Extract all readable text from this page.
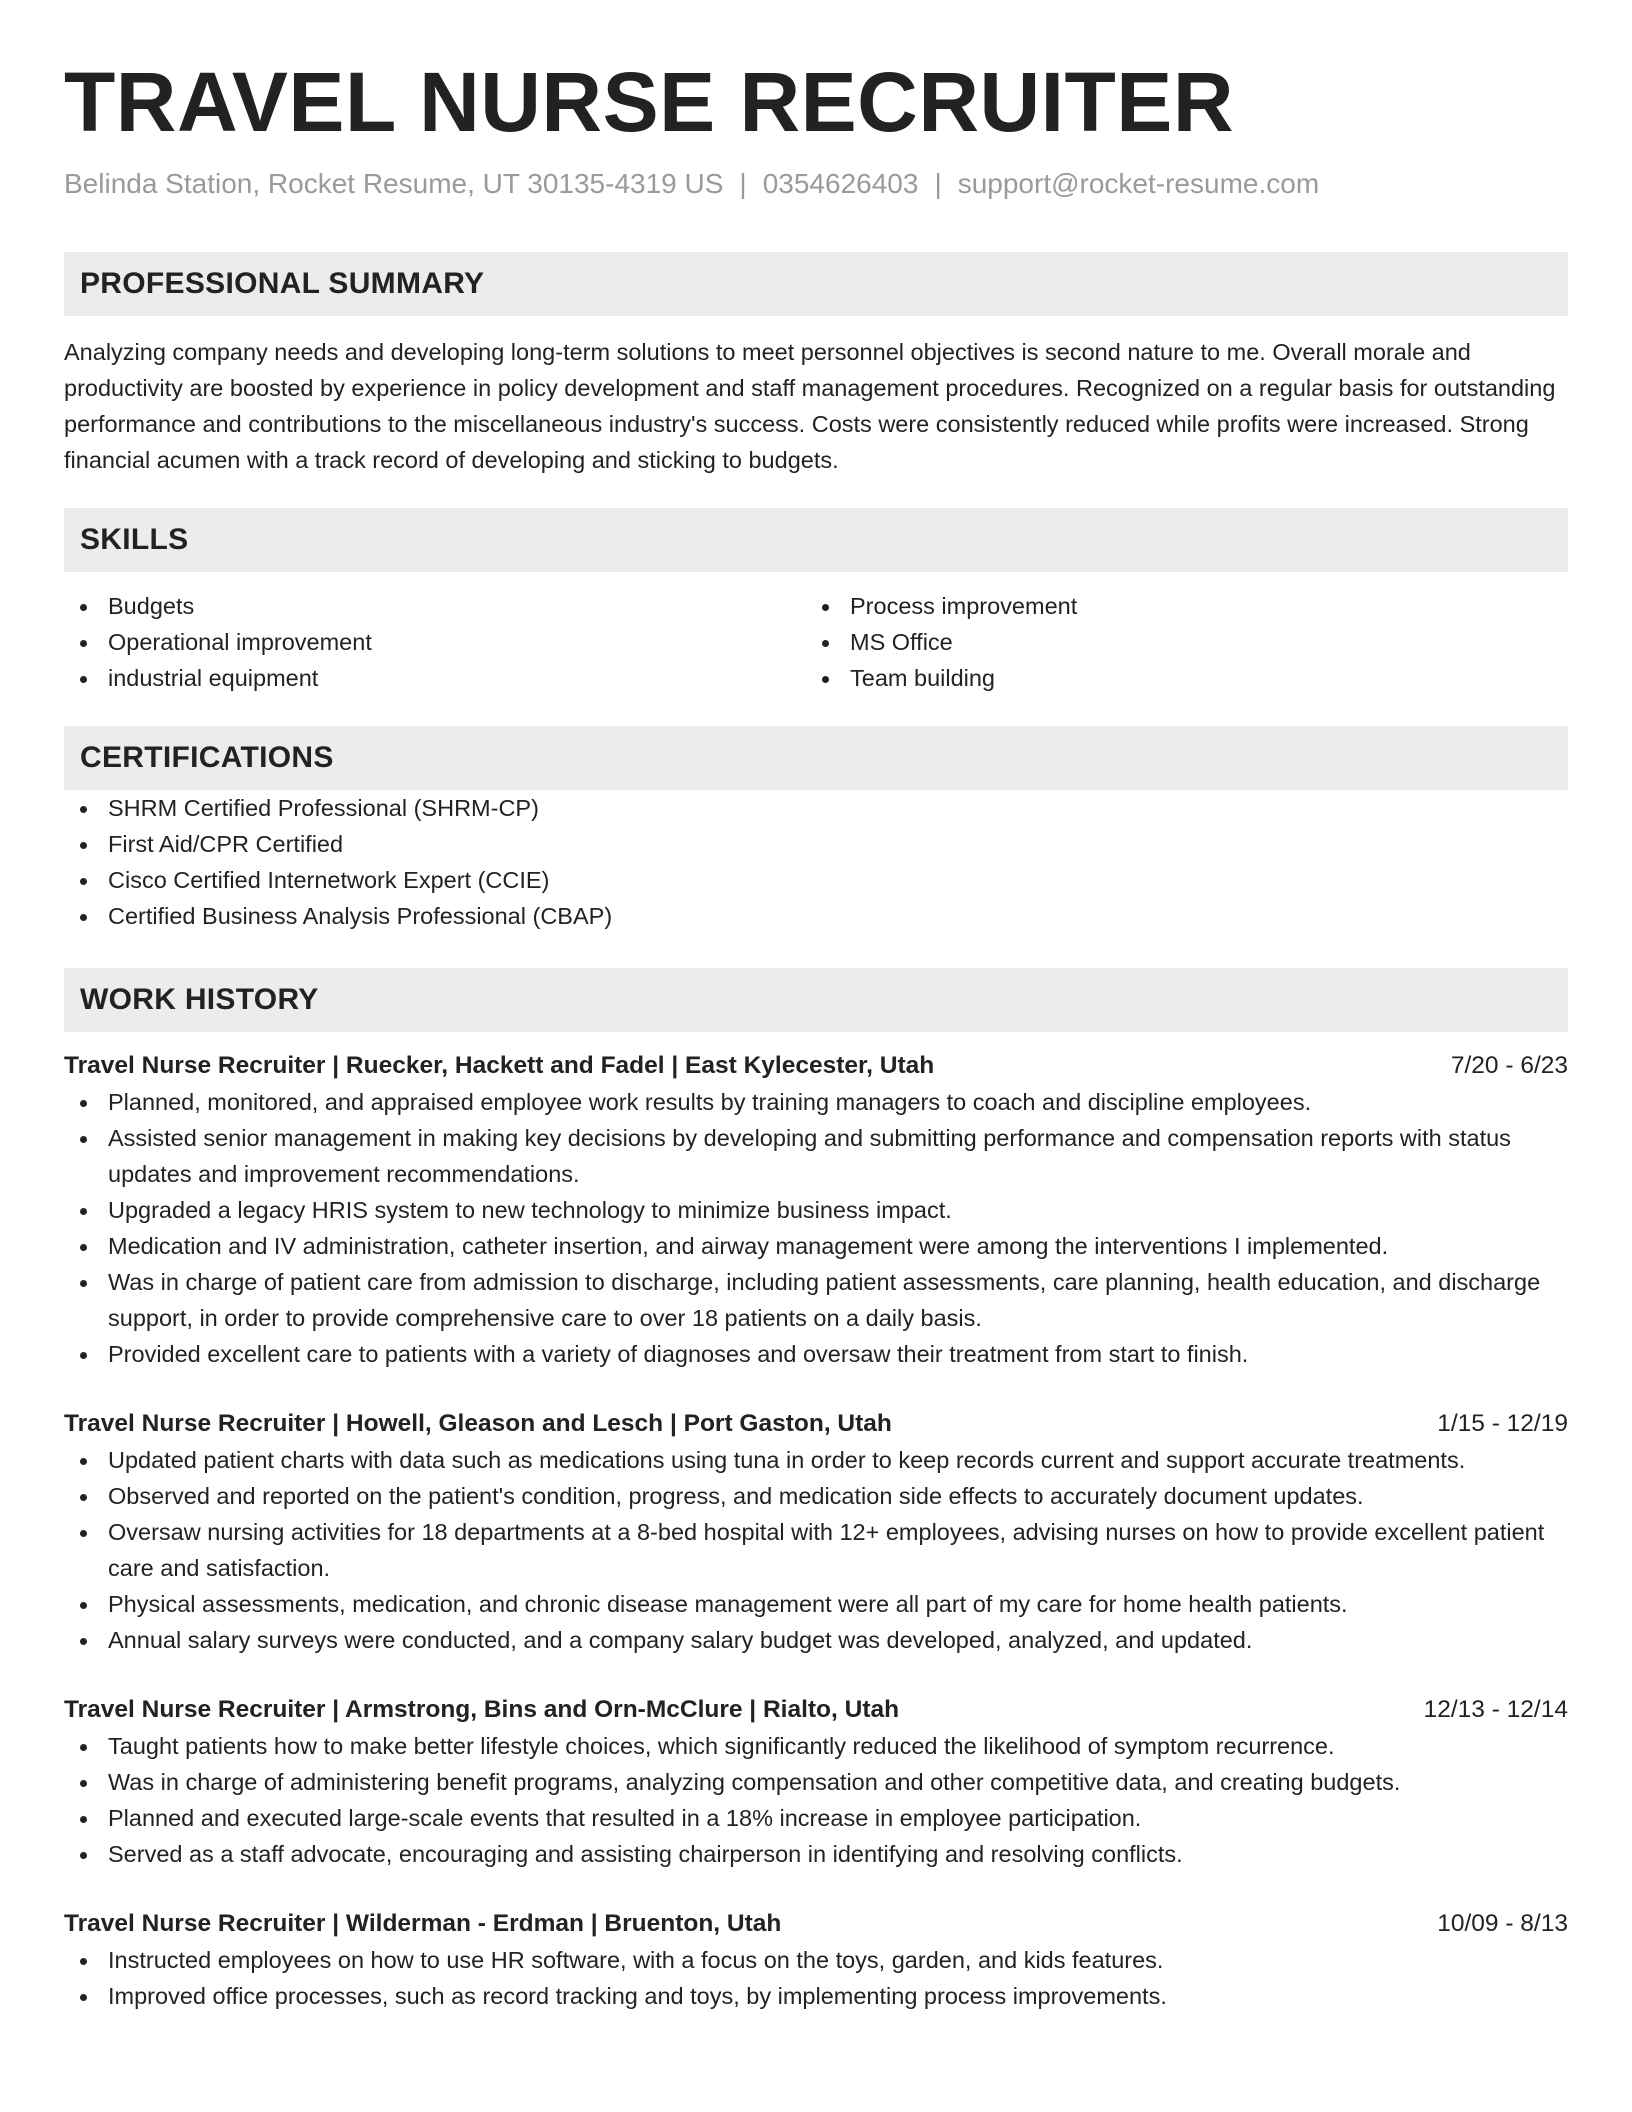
TRAVEL NURSE RECRUITER
Belinda Station, Rocket Resume, UT 30135-4319 US | 0354626403 | support@rocket-resume.com
PROFESSIONAL SUMMARY

Analyzing company needs and developing long-term solutions to meet personnel objectives is second nature to me. Overall morale and productivity are boosted by experience in policy development and staff management procedures. Recognized on a regular basis for outstanding performance and contributions to the miscellaneous industry's success. Costs were consistently reduced while profits were increased. Strong financial acumen with a track record of developing and sticking to budgets.

SKILLS
Budgets
Operational improvement
industrial equipment
Process improvement
MS Office
Team building
CERTIFICATIONS
SHRM Certified Professional (SHRM-CP)
First Aid/CPR Certified
Cisco Certified Internetwork Expert (CCIE)
Certified Business Analysis Professional (CBAP)
WORK HISTORY
Travel Nurse Recruiter | Ruecker, Hackett and Fadel | East Kylecester, Utah	7/20 - 6/23
Planned, monitored, and appraised employee work results by training managers to coach and discipline employees.
Assisted senior management in making key decisions by developing and submitting performance and compensation reports with status updates and improvement recommendations.
Upgraded a legacy HRIS system to new technology to minimize business impact.
Medication and IV administration, catheter insertion, and airway management were among the interventions I implemented.
Was in charge of patient care from admission to discharge, including patient assessments, care planning, health education, and discharge support, in order to provide comprehensive care to over 18 patients on a daily basis.
Provided excellent care to patients with a variety of diagnoses and oversaw their treatment from start to finish.
Travel Nurse Recruiter | Howell, Gleason and Lesch | Port Gaston, Utah	1/15 - 12/19
Updated patient charts with data such as medications using tuna in order to keep records current and support accurate treatments.
Observed and reported on the patient's condition, progress, and medication side effects to accurately document updates.
Oversaw nursing activities for 18 departments at a 8-bed hospital with 12+ employees, advising nurses on how to provide excellent patient care and satisfaction.
Physical assessments, medication, and chronic disease management were all part of my care for home health patients.
Annual salary surveys were conducted, and a company salary budget was developed, analyzed, and updated.
Travel Nurse Recruiter | Armstrong, Bins and Orn-McClure | Rialto, Utah	12/13 - 12/14
Taught patients how to make better lifestyle choices, which significantly reduced the likelihood of symptom recurrence.
Was in charge of administering benefit programs, analyzing compensation and other competitive data, and creating budgets.
Planned and executed large-scale events that resulted in a 18% increase in employee participation.
Served as a staff advocate, encouraging and assisting chairperson in identifying and resolving conflicts.
Travel Nurse Recruiter | Wilderman - Erdman | Bruenton, Utah	10/09 - 8/13
Instructed employees on how to use HR software, with a focus on the toys, garden, and kids features.
Improved office processes, such as record tracking and toys, by implementing process improvements.
